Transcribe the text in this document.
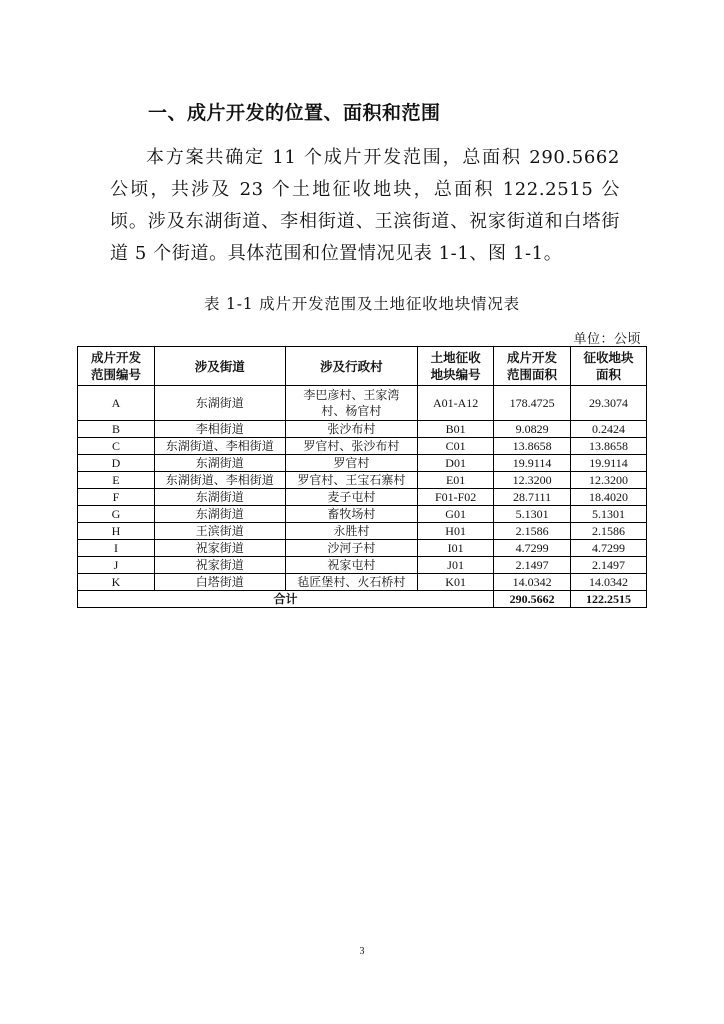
一、成片开发的位置、面积和范围
本方案共确定 11 个成片开发范围，总面积 290.5662 公顷，共涉及 23 个土地征收地块，总面积 122.2515 公顷。涉及东湖街道、李相街道、王滨街道、祝家街道和白塔街道 5 个街道。具体范围和位置情况见表 1-1、图 1-1。
表 1-1 成片开发范围及土地征收地块情况表
单位：公顷
成片开发范围编号	涉及街道	涉及行政村	土地征收地块编号	成片开发范围面积	征收地块面积
A	东湖街道	李巴彦村、王家湾村、杨官村	A01-A12	178.4725	29.3074
B	李相街道	张沙布村	B01	9.0829	0.2424
C	东湖街道、李相街道	罗官村、张沙布村	C01	13.8658	13.8658
D	东湖街道	罗官村	D01	19.9114	19.9114
E	东湖街道、李相街道	罗官村、王宝石寨村	E01	12.3200	12.3200
F	东湖街道	麦子屯村	F01-F02	28.7111	18.4020
G	东湖街道	畜牧场村	G01	5.1301	5.1301
H	王滨街道	永胜村	H01	2.1586	2.1586
I	祝家街道	沙河子村	I01	4.7299	4.7299
J	祝家街道	祝家屯村	J01	2.1497	2.1497
K	白塔街道	毡匠堡村、火石桥村	K01	14.0342	14.0342
合计				290.5662	122.2515
3
